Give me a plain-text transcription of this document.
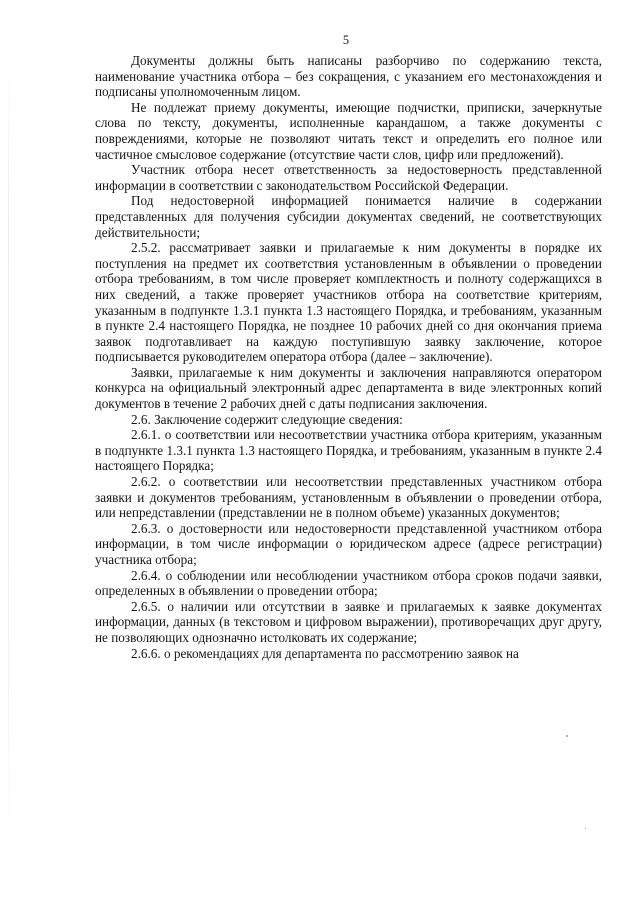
5

Документы должны быть написаны разборчиво по содержанию текста, наименование участника отбора – без сокращения, с указанием его местонахождения и подписаны уполномоченным лицом.

Не подлежат приему документы, имеющие подчистки, приписки, зачеркнутые слова по тексту, документы, исполненные карандашом, а также документы с повреждениями, которые не позволяют читать текст и определить его полное или частичное смысловое содержание (отсутствие части слов, цифр или предложений).

Участник отбора несет ответственность за недостоверность представленной информации в соответствии с законодательством Российской Федерации.

Под недостоверной информацией понимается наличие в содержании представленных для получения субсидии документах сведений, не соответствующих действительности;

2.5.2. рассматривает заявки и прилагаемые к ним документы в порядке их поступления на предмет их соответствия установленным в объявлении о проведении отбора требованиям, в том числе проверяет комплектность и полноту содержащихся в них сведений, а также проверяет участников отбора на соответствие критериям, указанным в подпункте 1.3.1 пункта 1.3 настоящего Порядка, и требованиям, указанным в пункте 2.4 настоящего Порядка, не позднее 10 рабочих дней со дня окончания приема заявок подготавливает на каждую поступившую заявку заключение, которое подписывается руководителем оператора отбора (далее – заключение).

Заявки, прилагаемые к ним документы и заключения направляются оператором конкурса на официальный электронный адрес департамента в виде электронных копий документов в течение 2 рабочих дней с даты подписания заключения.

2.6. Заключение содержит следующие сведения:

2.6.1. о соответствии или несоответствии участника отбора критериям, указанным в подпункте 1.3.1 пункта 1.3 настоящего Порядка, и требованиям, указанным в пункте 2.4 настоящего Порядка;

2.6.2. о соответствии или несоответствии представленных участником отбора заявки и документов требованиям, установленным в объявлении о проведении отбора, или непредставлении (представлении не в полном объеме) указанных документов;

2.6.3. о достоверности или недостоверности представленной участником отбора информации, в том числе информации о юридическом адресе (адресе регистрации) участника отбора;

2.6.4. о соблюдении или несоблюдении участником отбора сроков подачи заявки, определенных в объявлении о проведении отбора;

2.6.5. о наличии или отсутствии в заявке и прилагаемых к заявке документах информации, данных (в текстовом и цифровом выражении), противоречащих друг другу, не позволяющих однозначно истолковать их содержание;

2.6.6. о рекомендациях для департамента по рассмотрению заявок на
